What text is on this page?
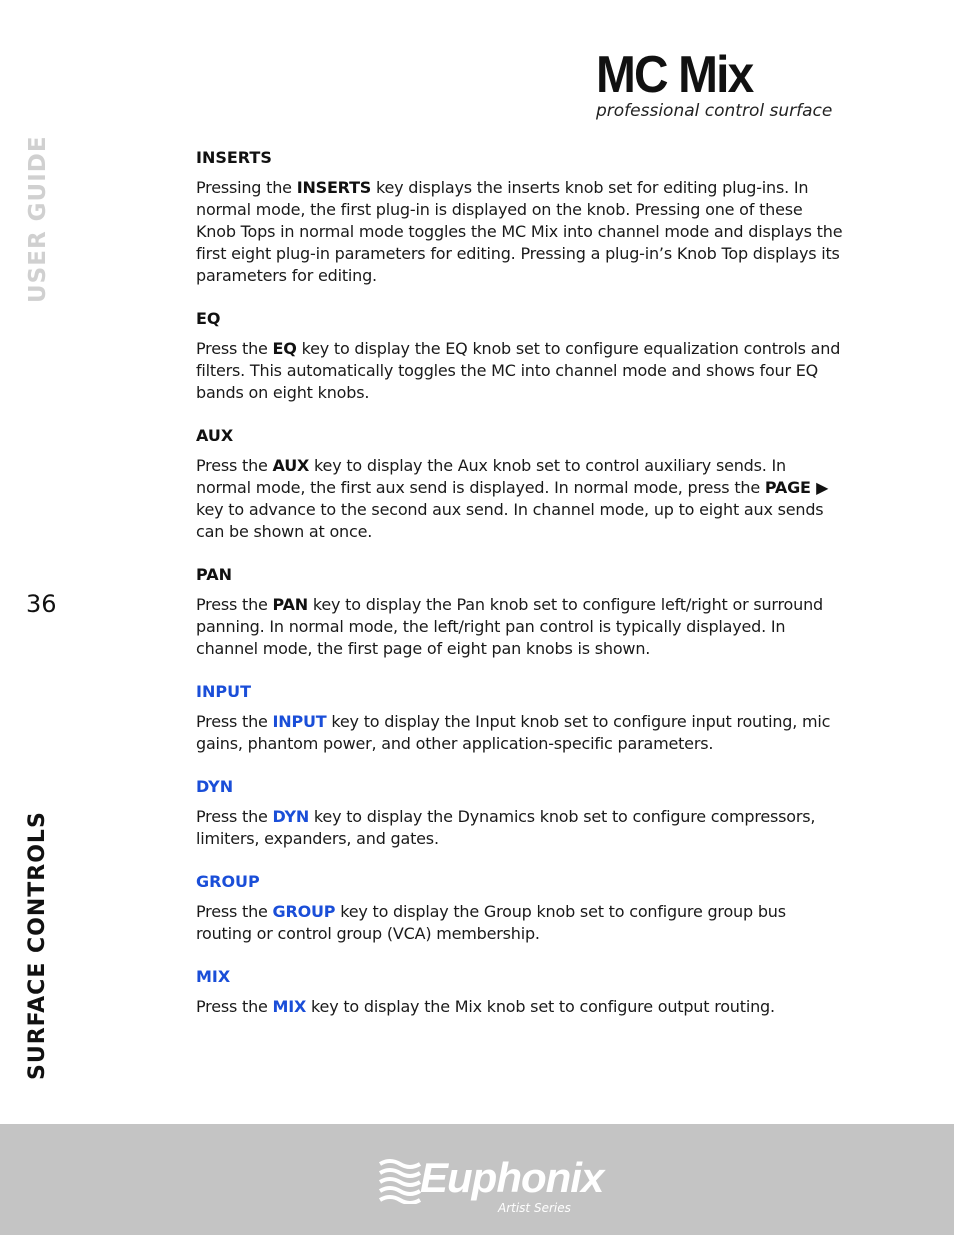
MC Mix
professional control surface
USER GUIDE
36
SURFACE CONTROLS
INSERTS

Pressing the INSERTS key displays the inserts knob set for editing plug-ins. In normal mode, the first plug-in is displayed on the knob. Pressing one of these Knob Tops in normal mode toggles the MC Mix into channel mode and displays the first eight plug-in parameters for editing. Pressing a plug-in’s Knob Top displays its parameters for editing.

EQ

Press the EQ key to display the EQ knob set to configure equalization controls and filters. This automatically toggles the MC into channel mode and shows four EQ bands on eight knobs.

AUX

Press the AUX key to display the Aux knob set to control auxiliary sends. In normal mode, the first aux send is displayed. In normal mode, press the PAGE ▶ key to advance to the second aux send. In channel mode, up to eight aux sends can be shown at once.

PAN

Press the PAN key to display the Pan knob set to configure left/right or surround panning. In normal mode, the left/right pan control is typically displayed. In channel mode, the first page of eight pan knobs is shown.

INPUT

Press the INPUT key to display the Input knob set to configure input routing, mic gains, phantom power, and other application-specific parameters.

DYN

Press the DYN key to display the Dynamics knob set to configure compressors, limiters, expanders, and gates.

GROUP

Press the GROUP key to display the Group knob set to configure group bus routing or control group (VCA) membership.

MIX

Press the MIX key to display the Mix knob set to configure output routing.

Euphonix
Artist Series
